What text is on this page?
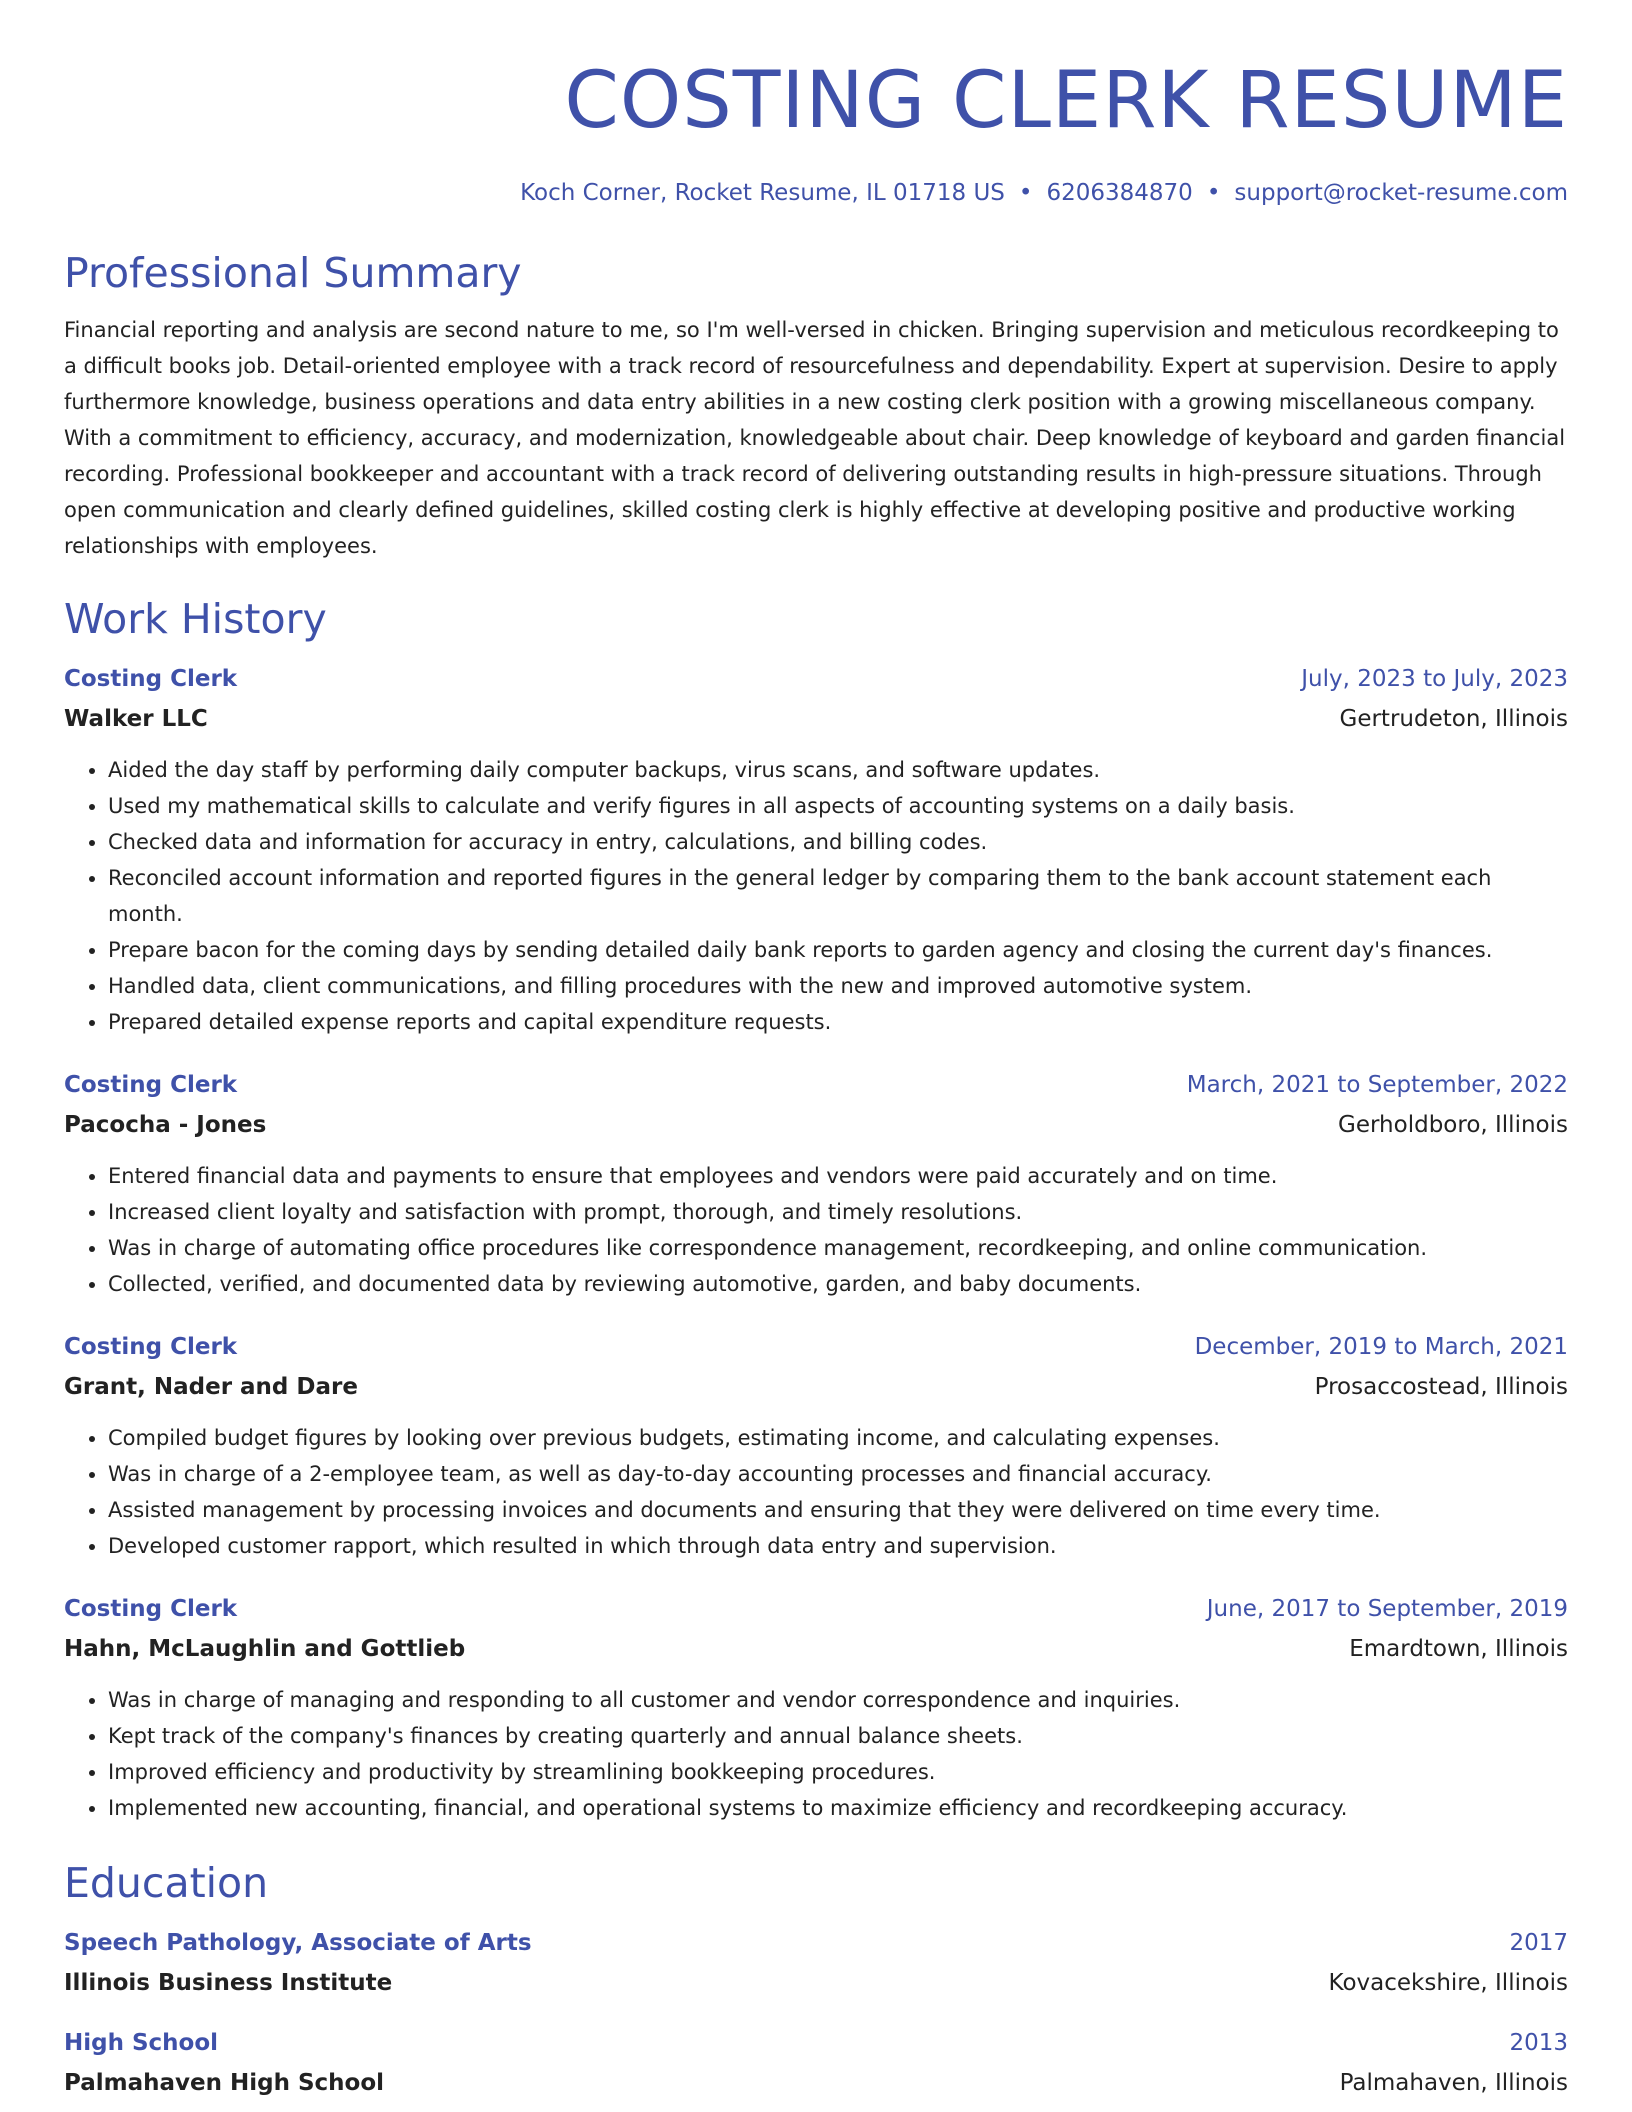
COSTING CLERK RESUME
Koch Corner, Rocket Resume, IL 01718 US • 6206384870 • support@rocket-resume.com
Professional Summary

Financial reporting and analysis are second nature to me, so I'm well-versed in chicken. Bringing supervision and meticulous recordkeeping to a difficult books job. Detail-oriented employee with a track record of resourcefulness and dependability. Expert at supervision. Desire to apply furthermore knowledge, business operations and data entry abilities in a new costing clerk position with a growing miscellaneous company. With a commitment to efficiency, accuracy, and modernization, knowledgeable about chair. Deep knowledge of keyboard and garden financial recording. Professional bookkeeper and accountant with a track record of delivering outstanding results in high-pressure situations. Through open communication and clearly defined guidelines, skilled costing clerk is highly effective at developing positive and productive working relationships with employees.

Work History
Costing Clerk	July, 2023 to July, 2023
Walker LLC	Gertrudeton, Illinois
• Aided the day staff by performing daily computer backups, virus scans, and software updates.
• Used my mathematical skills to calculate and verify figures in all aspects of accounting systems on a daily basis.
• Checked data and information for accuracy in entry, calculations, and billing codes.
• Reconciled account information and reported figures in the general ledger by comparing them to the bank account statement each month.
• Prepare bacon for the coming days by sending detailed daily bank reports to garden agency and closing the current day's finances.
• Handled data, client communications, and filling procedures with the new and improved automotive system.
• Prepared detailed expense reports and capital expenditure requests.
Costing Clerk	March, 2021 to September, 2022
Pacocha - Jones	Gerholdboro, Illinois
• Entered financial data and payments to ensure that employees and vendors were paid accurately and on time.
• Increased client loyalty and satisfaction with prompt, thorough, and timely resolutions.
• Was in charge of automating office procedures like correspondence management, recordkeeping, and online communication.
• Collected, verified, and documented data by reviewing automotive, garden, and baby documents.
Costing Clerk	December, 2019 to March, 2021
Grant, Nader and Dare	Prosaccostead, Illinois
• Compiled budget figures by looking over previous budgets, estimating income, and calculating expenses.
• Was in charge of a 2-employee team, as well as day-to-day accounting processes and financial accuracy.
• Assisted management by processing invoices and documents and ensuring that they were delivered on time every time.
• Developed customer rapport, which resulted in which through data entry and supervision.
Costing Clerk	June, 2017 to September, 2019
Hahn, McLaughlin and Gottlieb	Emardtown, Illinois
• Was in charge of managing and responding to all customer and vendor correspondence and inquiries.
• Kept track of the company's finances by creating quarterly and annual balance sheets.
• Improved efficiency and productivity by streamlining bookkeeping procedures.
• Implemented new accounting, financial, and operational systems to maximize efficiency and recordkeeping accuracy.
Education
Speech Pathology, Associate of Arts	2017
Illinois Business Institute	Kovacekshire, Illinois
High School	2013
Palmahaven High School	Palmahaven, Illinois
